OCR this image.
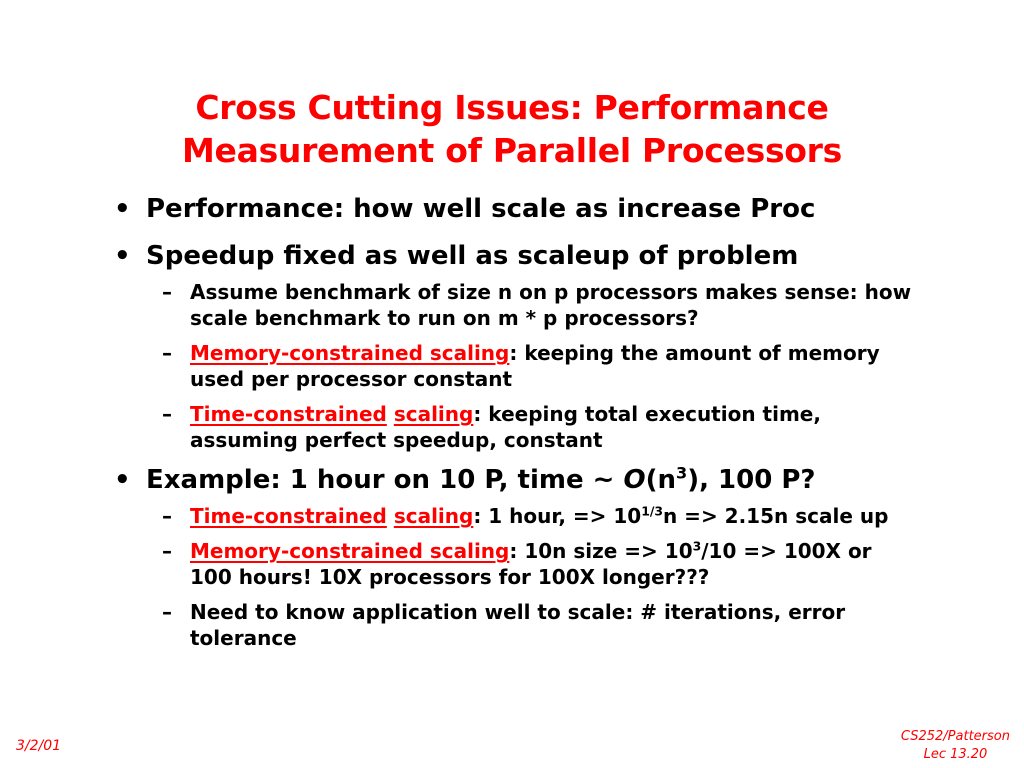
Cross Cutting Issues: Performance
Measurement of Parallel Processors
• Performance: how well scale as increase Proc
• Speedup fixed as well as scaleup of problem
– Assume benchmark of size n on p processors makes sense: how
scale benchmark to run on m * p processors?
– Memory-constrained scaling: keeping the amount of memory
used per processor constant
– Time-constrained scaling: keeping total execution time,
assuming perfect speedup, constant
• Example: 1 hour on 10 P, time ~ $O(n^3)$, 100 P?
– Time-constrained scaling: 1 hour, => $10^{1/3}n => 2.15n$ scale up
– Memory-constrained scaling: 10n size => $10^3/10 => 100X$ or
100 hours! 10X processors for 100X longer???
– Need to know application well to scale: # iterations, error
tolerance
3/2/01
CS252/Patterson
Lec 13.20
